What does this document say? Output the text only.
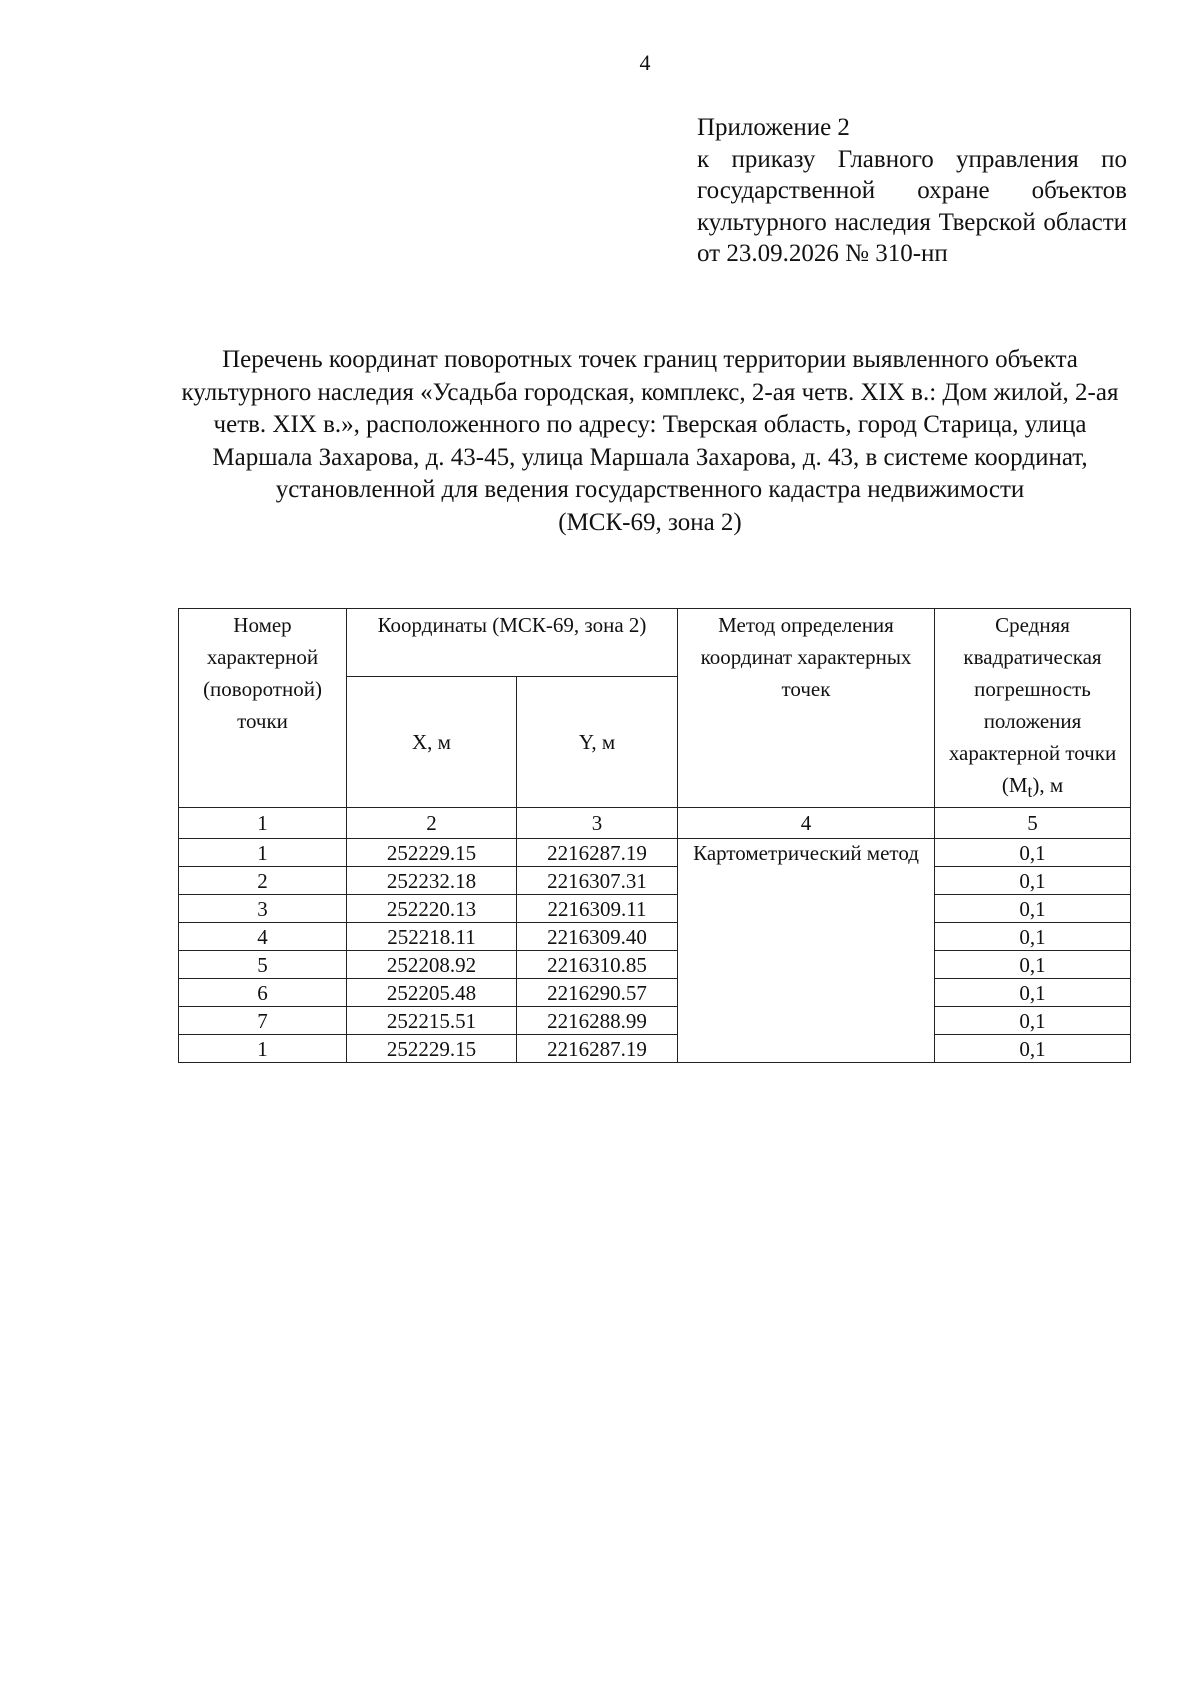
4
Приложение 2
к приказу Главного управления по государственной охране объектов культурного наследия Тверской области от 23.09.2026 № 310-нп
Перечень координат поворотных точек границ территории выявленного объекта культурного наследия «Усадьба городская, комплекс, 2-ая четв. XIX в.: Дом жилой, 2-ая четв. XIX в.», расположенного по адресу: Тверская область, город Старица, улица Маршала Захарова, д. 43-45, улица Маршала Захарова, д. 43, в системе координат, установленной для ведения государственного кадастра недвижимости
(МСК-69, зона 2)
Номер характерной (поворотной) точки	Координаты (МСК-69, зона 2)		Метод определения координат характерных точек	Средняя квадратическая погрешность положения характерной точки $(M_t)$, м
	X, м	Y, м		
1	2	3	4	5
1	252229.15	2216287.19	Картометрический метод	0,1
2	252232.18	2216307.31		0,1
3	252220.13	2216309.11		0,1
4	252218.11	2216309.40		0,1
5	252208.92	2216310.85		0,1
6	252205.48	2216290.57		0,1
7	252215.51	2216288.99		0,1
1	252229.15	2216287.19		0,1
